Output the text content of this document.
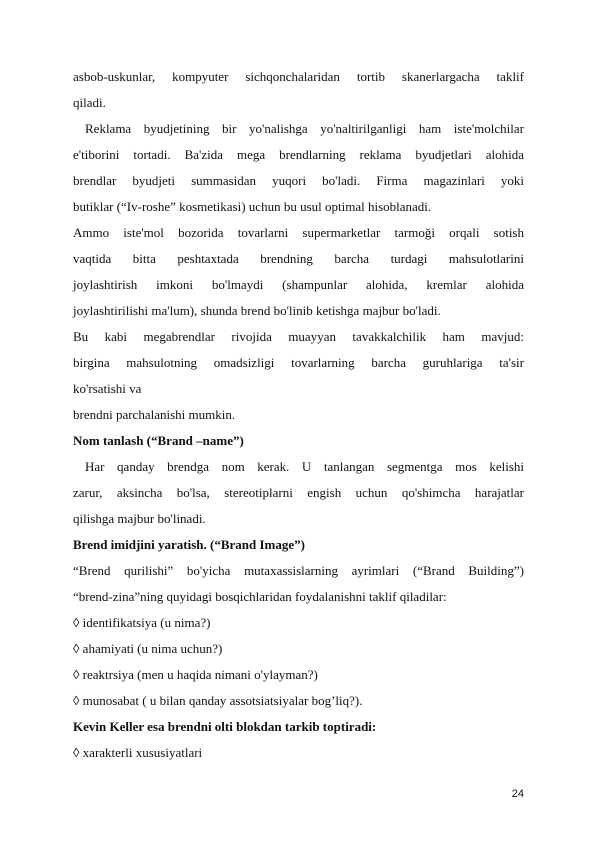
asbob-uskunlar, kompyuter sichqonchalaridan tortib skanerlargacha taklif
qiladi.
Reklama byudjetining bir yo'nalishga yo'naltirilganligi ham iste'molchilar
e'tiborini tortadi. Ba'zida mega brendlarning reklama byudjetlari alohida
brendlar byudjeti summasidan yuqori bo'ladi. Firma magazinlari yoki
butiklar (“Iv-roshe” kosmetikasi) uchun bu usul optimal hisoblanadi.
Ammo iste'mol bozorida tovarlarni supermarketlar tarmoği orqali sotish
vaqtida bitta peshtaxtada brendning barcha turdagi mahsulotlarini
joylashtirish imkoni bo'lmaydi (shampunlar alohida, kremlar alohida
joylashtirilishi ma'lum), shunda brend bo'linib ketishga majbur bo'ladi.
Bu kabi megabrendlar rivojida muayyan tavakkalchilik ham mavjud:
birgina mahsulotning omadsizligi tovarlarning barcha guruhlariga ta'sir
ko'rsatishi va
brendni parchalanishi mumkin.
Nom tanlash (“Brand –name”)
Har qanday brendga nom kerak. U tanlangan segmentga mos kelishi
zarur, aksincha bo'lsa, stereotiplarni engish uchun qo'shimcha harajatlar
qilishga majbur bo'linadi.
Brend imidjini yaratish. (“Brand Image”)
“Brend qurilishi” bo'yicha mutaxassislarning ayrimlari (“Brand Building”)
“brend-zina”ning quyidagi bosqichlaridan foydalanishni taklif qiladilar:
◊ identifikatsiya (u nima?)
◊ ahamiyati (u nima uchun?)
◊ reaktrsiya (men u haqida nimani o'ylayman?)
◊ munosabat ( u bilan qanday assotsiatsiyalar bog’liq?).
Kevin Keller esa brendni olti blokdan tarkib toptiradi:
◊ xarakterli xususiyatlari
24
